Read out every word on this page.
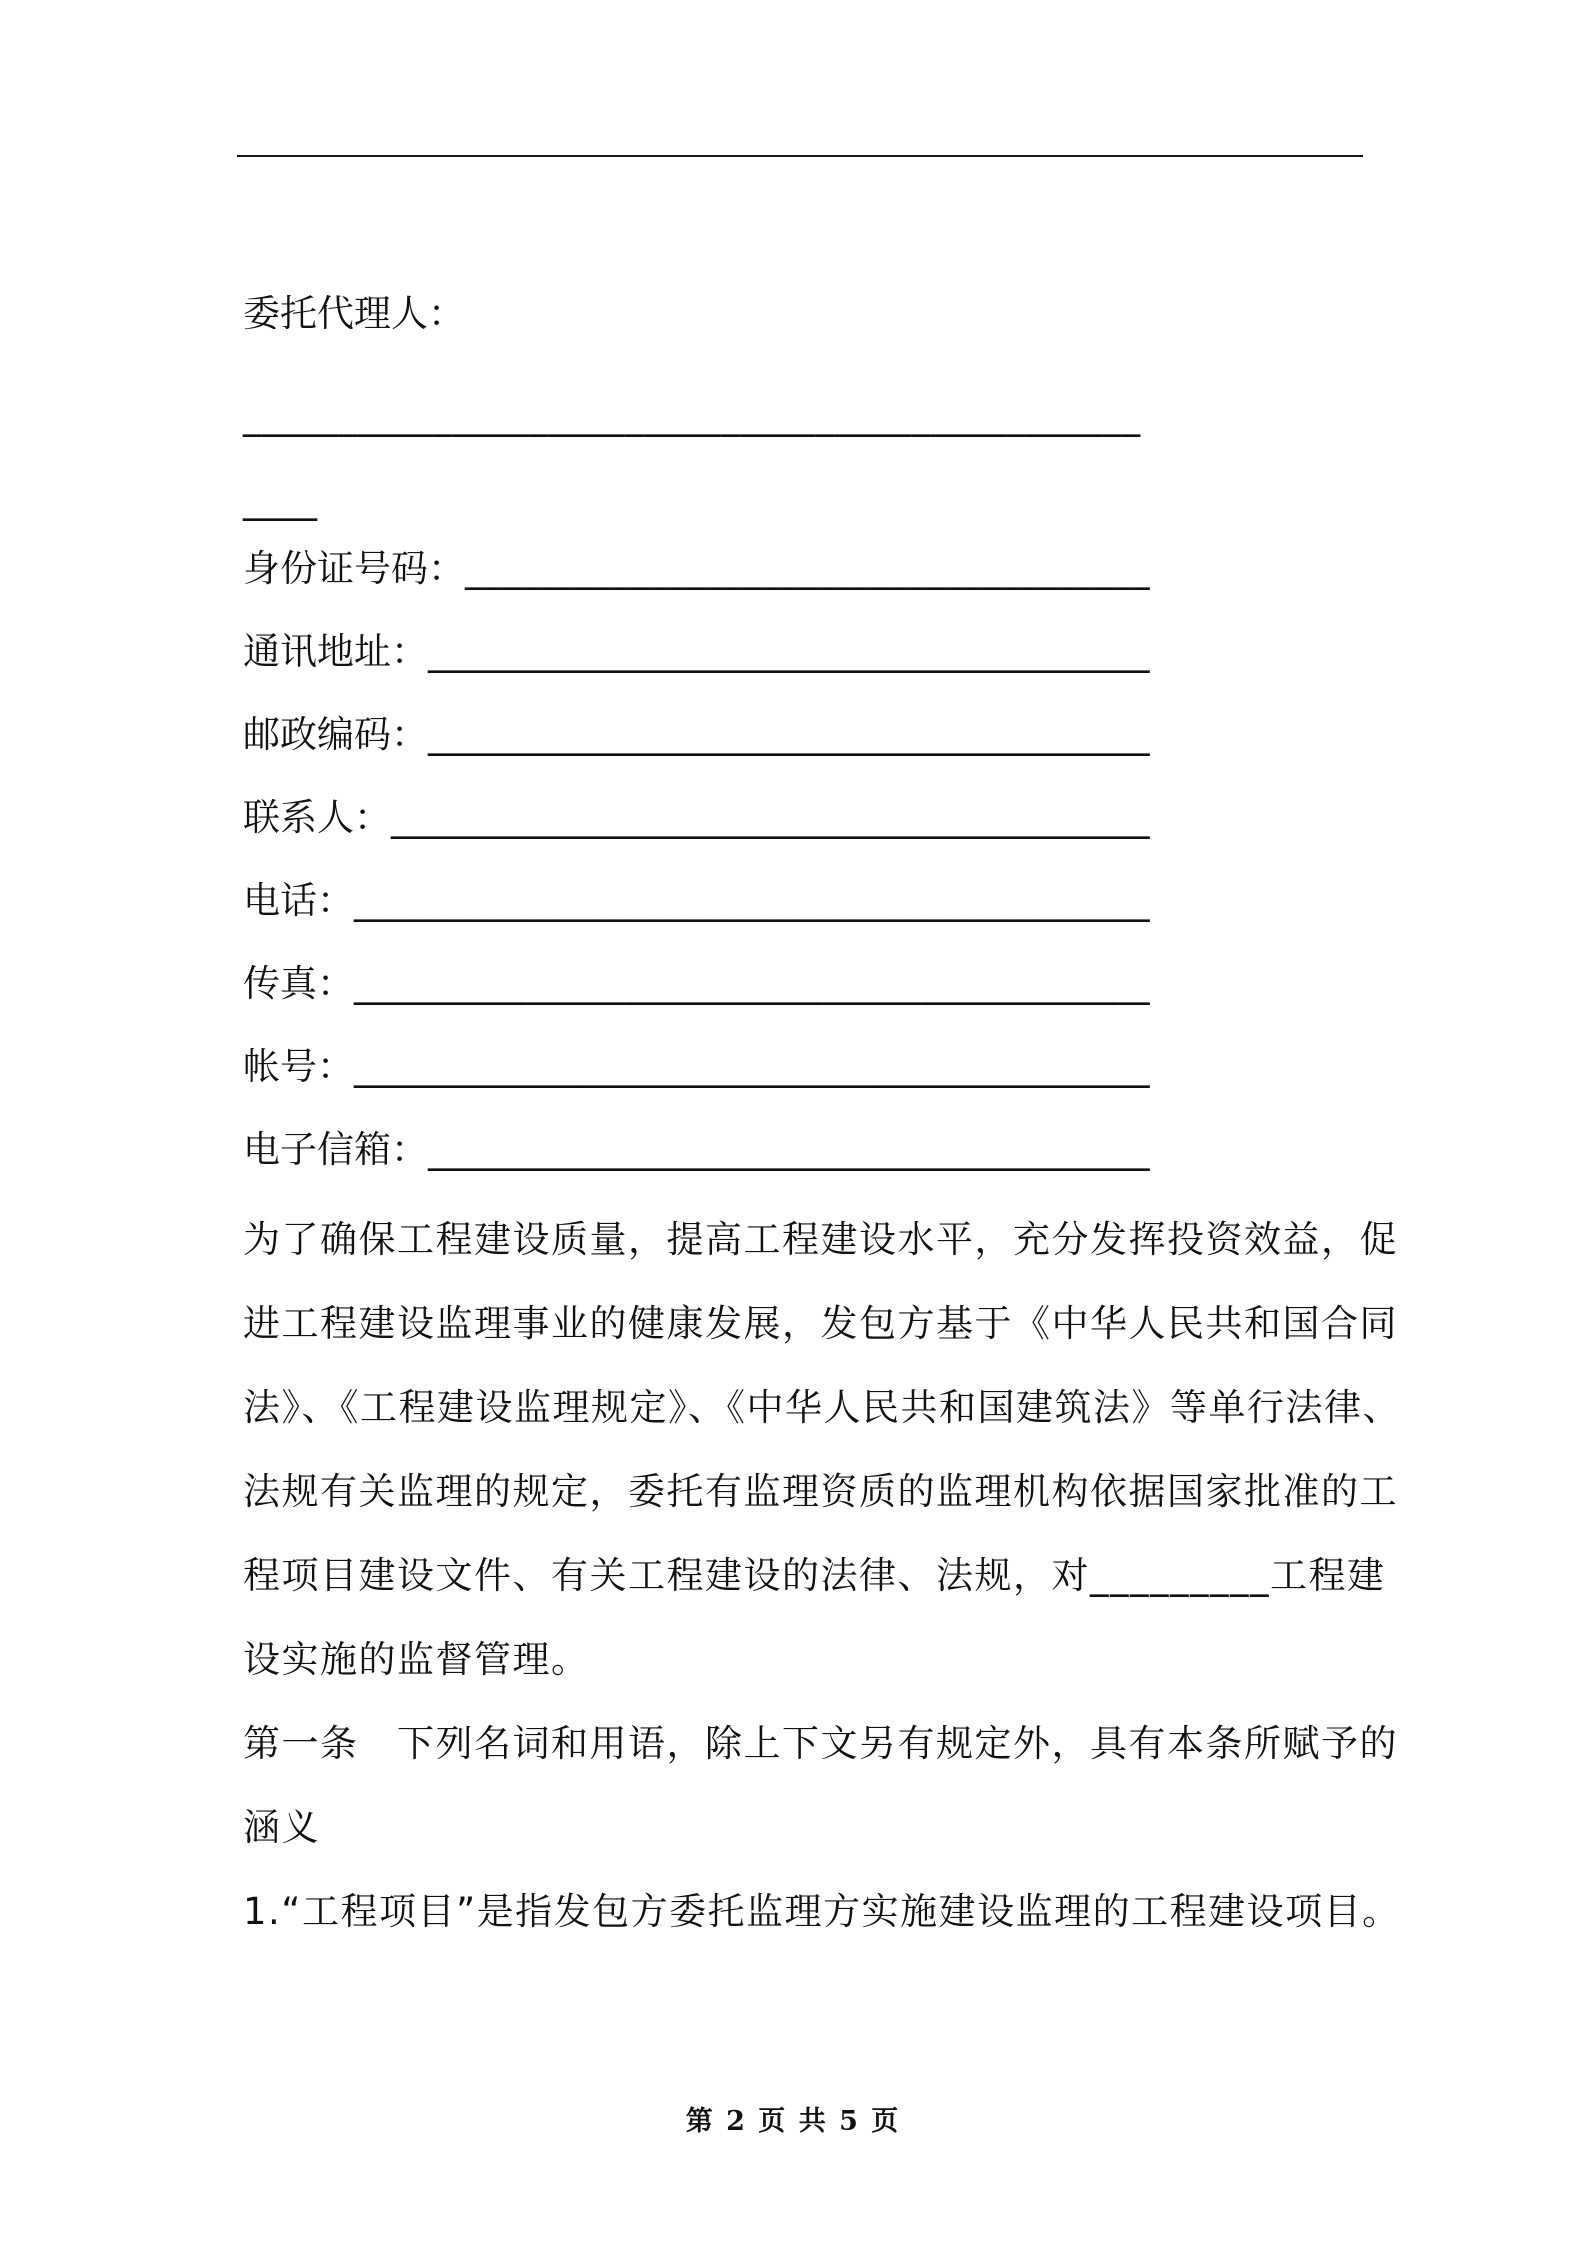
委托代理人：
_______________________________________________
____
身份证号码：_____________________________________
通讯地址：_______________________________________
邮政编码：_______________________________________
联系人：_________________________________________
电话：___________________________________________
传真：___________________________________________
帐号：___________________________________________
电子信箱：_______________________________________
为了确保工程建设质量，提高工程建设水平，充分发挥投资效益，促
进工程建设监理事业的健康发展，发包方基于《中华人民共和国合同
法》、《工程建设监理规定》、《中华人民共和国建筑法》等单行法律、
法规有关监理的规定，委托有监理资质的监理机构依据国家批准的工
程项目建设文件、有关工程建设的法律、法规，对_________工程建
设实施的监督管理。
第一条　下列名词和用语，除上下文另有规定外，具有本条所赋予的
涵义
1.“工程项目”是指发包方委托监理方实施建设监理的工程建设项目。
第 2 页 共 5 页
